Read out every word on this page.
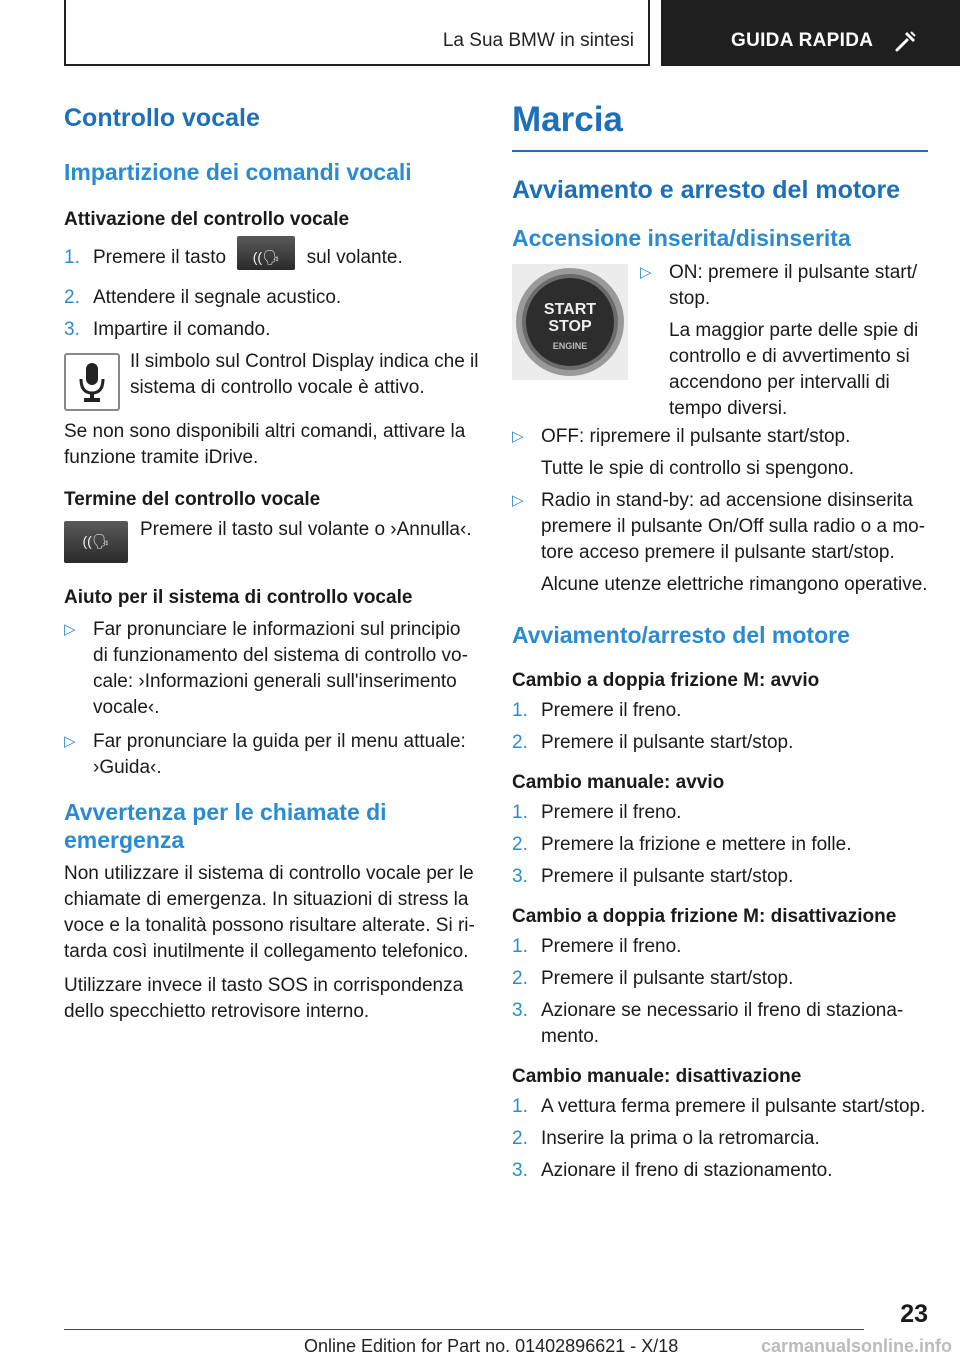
La Sua BMW in sintesi	GUIDA RAPIDA
Controllo vocale
Impartizione dei comandi vocali
Attivazione del controllo vocale
1. Premere il tasto	((🗣	sul volante.
2. Attendere il segnale acustico.
3. Impartire il comando.

Il simbolo sul Control Display indica che il sistema di controllo vocale è attivo.

Se non sono disponibili altri comandi, attivare la funzione tramite iDrive.

Termine del controllo vocale
((🗣

Premere il tasto sul volante o ›Annulla‹.

Aiuto per il sistema di controllo vocale
▷ Far pronunciare le informazioni sul principio di funzionamento del sistema di controllo vocale: ›Informazioni generali sull'inserimento vocale‹.
▷ Far pronunciare la guida per il menu attuale: ›Guida‹.
Avvertenza per le chiamate di emergenza

Non utilizzare il sistema di controllo vocale per le chiamate di emergenza. In situazioni di stress la voce e la tonalità possono risultare alterate. Si ritarda così inutilmente il collegamento telefonico.

Utilizzare invece il tasto SOS in corrispondenza dello specchietto retrovisore interno.

Marcia
Avviamento e arresto del motore
Accensione inserita/disinserita
START
STOP
ENGINE
▷ ON: premere il pulsante start/ stop.

La maggior parte delle spie di controllo e di avvertimento si accendono per intervalli di tempo diversi.

▷ OFF: ripremere il pulsante start/stop.

Tutte le spie di controllo si spengono.

▷ Radio in stand-by: ad accensione disinserita premere il pulsante On/Off sulla radio o a motore acceso premere il pulsante start/stop.

Alcune utenze elettriche rimangono operative.

Avviamento/arresto del motore
Cambio a doppia frizione M: avvio
1. Premere il freno.
2. Premere il pulsante start/stop.
Cambio manuale: avvio
1. Premere il freno.
2. Premere la frizione e mettere in folle.
3. Premere il pulsante start/stop.
Cambio a doppia frizione M: disattivazione
1. Premere il freno.
2. Premere il pulsante start/stop.
3. Azionare se necessario il freno di stazionamento.
Cambio manuale: disattivazione
1. A vettura ferma premere il pulsante start/stop.
2. Inserire la prima o la retromarcia.
3. Azionare il freno di stazionamento.
23
Online Edition for Part no. 01402896621 - X/18	carmanualsonline.info
